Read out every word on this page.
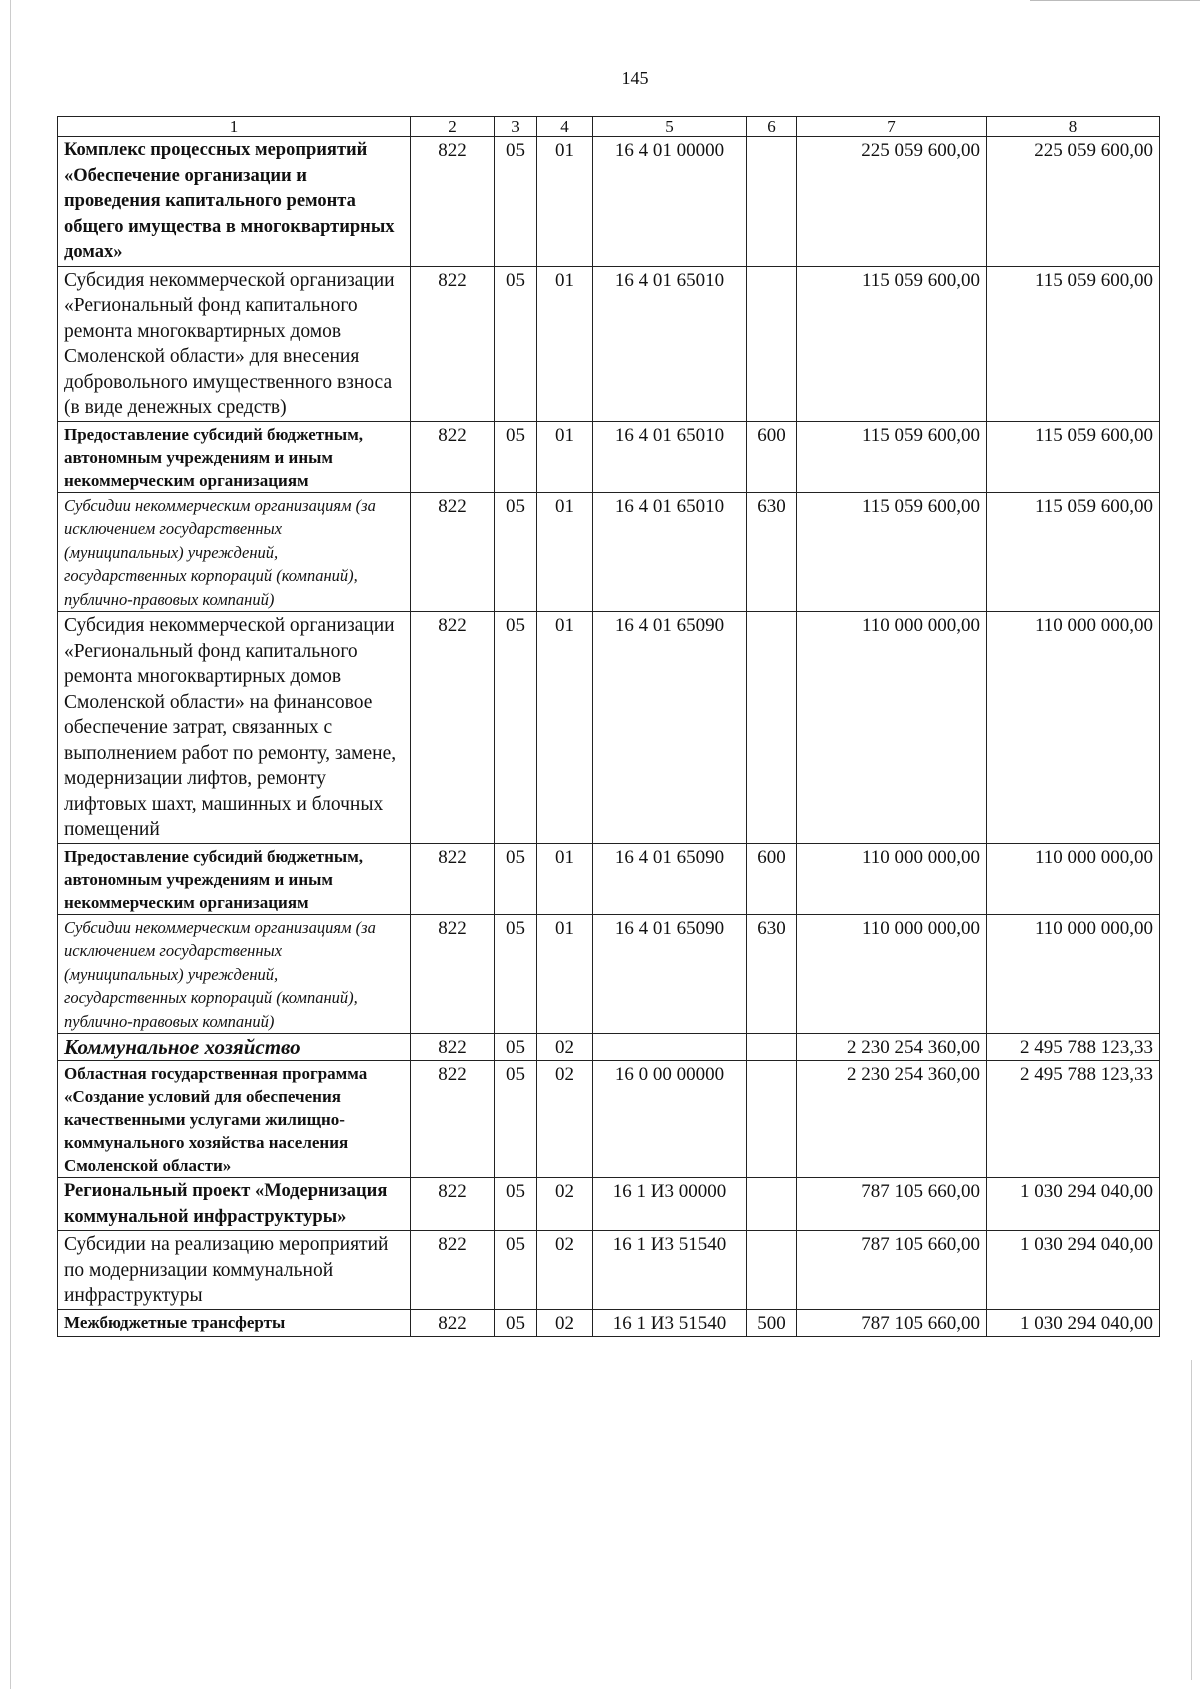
145
1	2	3	4	5	6	7	8
Комплекс процессных мероприятий «Обеспечение организации и проведения капитального ремонта общего имущества в многоквартирных домах»	822	05	01	16 4 01 00000		225 059 600,00	225 059 600,00
Субсидия некоммерческой организации «Региональный фонд капитального ремонта многоквартирных домов Смоленской области» для внесения добровольного имущественного взноса (в виде денежных средств)	822	05	01	16 4 01 65010		115 059 600,00	115 059 600,00
Предоставление субсидий бюджетным, автономным учреждениям и иным некоммерческим организациям	822	05	01	16 4 01 65010	600	115 059 600,00	115 059 600,00
Субсидии некоммерческим организациям (за исключением государственных (муниципальных) учреждений, государственных корпораций (компаний), публично-правовых компаний)	822	05	01	16 4 01 65010	630	115 059 600,00	115 059 600,00
Субсидия некоммерческой организации «Региональный фонд капитального ремонта многоквартирных домов Смоленской области» на финансовое обеспечение затрат, связанных с выполнением работ по ремонту, замене, модернизации лифтов, ремонту лифтовых шахт, машинных и блочных помещений	822	05	01	16 4 01 65090		110 000 000,00	110 000 000,00
Предоставление субсидий бюджетным, автономным учреждениям и иным некоммерческим организациям	822	05	01	16 4 01 65090	600	110 000 000,00	110 000 000,00
Субсидии некоммерческим организациям (за исключением государственных (муниципальных) учреждений, государственных корпораций (компаний), публично-правовых компаний)	822	05	01	16 4 01 65090	630	110 000 000,00	110 000 000,00
Коммунальное хозяйство	822	05	02			2 230 254 360,00	2 495 788 123,33
Областная государственная программа «Создание условий для обеспечения качественными услугами жилищно-коммунального хозяйства населения Смоленской области»	822	05	02	16 0 00 00000		2 230 254 360,00	2 495 788 123,33
Региональный проект «Модернизация коммунальной инфраструктуры»	822	05	02	16 1 И3 00000		787 105 660,00	1 030 294 040,00
Субсидии на реализацию мероприятий по модернизации коммунальной инфраструктуры	822	05	02	16 1 И3 51540		787 105 660,00	1 030 294 040,00
Межбюджетные трансферты	822	05	02	16 1 И3 51540	500	787 105 660,00	1 030 294 040,00
